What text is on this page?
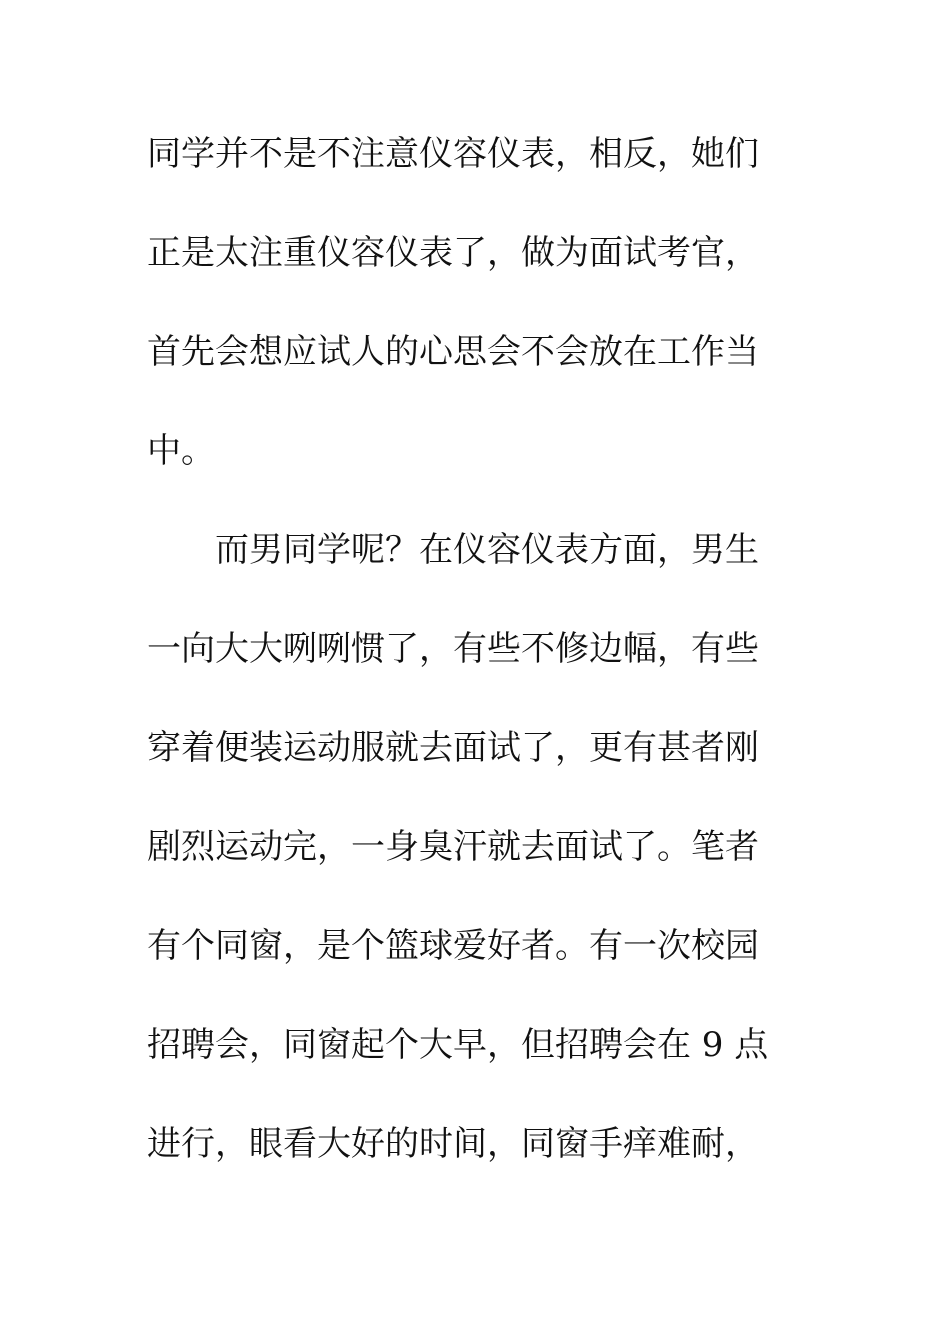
同学并不是不注意仪容仪表，相反，她们
正是太注重仪容仪表了，做为面试考官，
首先会想应试人的心思会不会放在工作当
中。
而男同学呢？在仪容仪表方面，男生
一向大大咧咧惯了，有些不修边幅，有些
穿着便装运动服就去面试了，更有甚者刚
剧烈运动完，一身臭汗就去面试了。笔者
有个同窗，是个篮球爱好者。有一次校园
招聘会，同窗起个大早，但招聘会在 9 点
进行，眼看大好的时间，同窗手痒难耐，
